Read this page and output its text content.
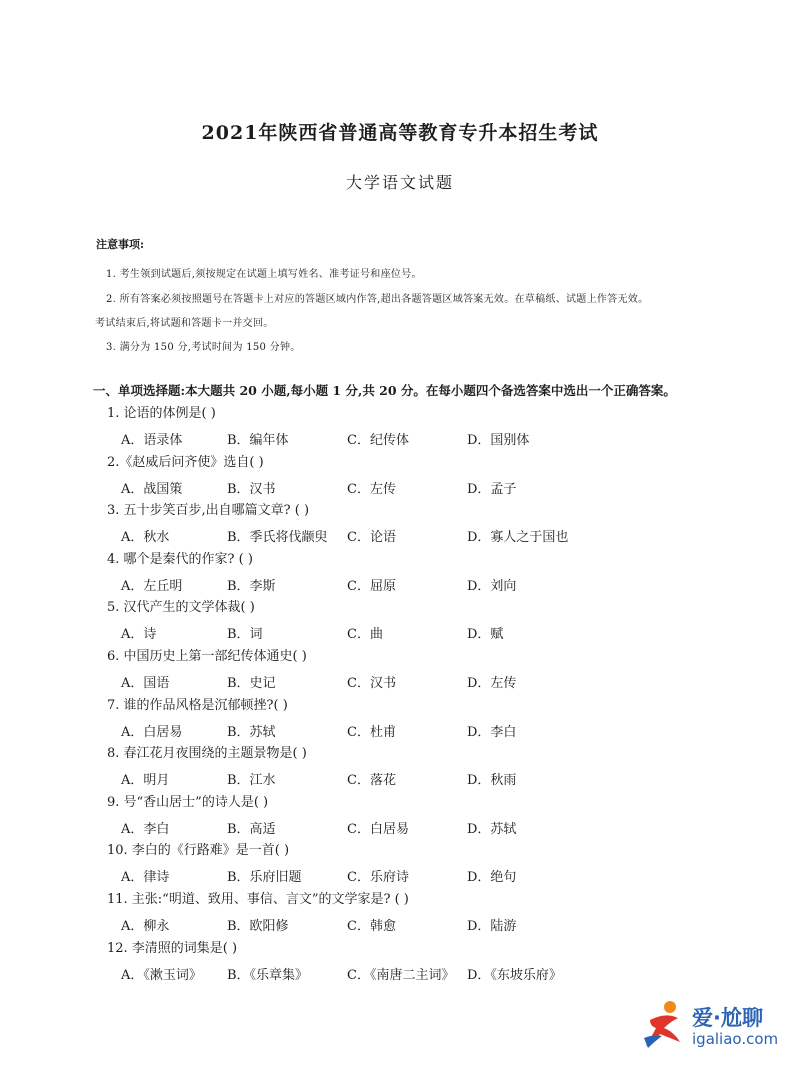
2021年陕西省普通高等教育专升本招生考试
大学语文试题
注意事项:
1. 考生领到试题后,须按规定在试题上填写姓名、准考证号和座位号。
2. 所有答案必须按照题号在答题卡上对应的答题区域内作答,超出各题答题区域答案无效。在草稿纸、试题上作答无效。
考试结束后,将试题和答题卡一并交回。
3. 满分为 150 分,考试时间为 150 分钟。
一、单项选择题:本大题共 20 小题,每小题 1 分,共 20 分。在每小题四个备选答案中选出一个正确答案。
1. 论语的体例是( )
A．语录体	B．编年体	C．纪传体	D．国别体
2.《赵威后问齐使》选自( )
A．战国策	B．汉书	C．左传	D．孟子
3. 五十步笑百步,出自哪篇文章? ( )
A．秋水	B．季氏将伐颛臾 C．论语	D．寡人之于国也
4. 哪个是秦代的作家? ( )
A．左丘明	B．李斯	C．屈原	D．刘向
5. 汉代产生的文学体裁( )
A．诗	B．词	C．曲	D．赋
6. 中国历史上第一部纪传体通史( )
A．国语	B．史记	C．汉书	D．左传
7. 谁的作品风格是沉郁顿挫?( )
A．白居易	B．苏轼	C．杜甫	D．李白
8. 春江花月夜围绕的主题景物是( )
A．明月	B．江水	C．落花	D．秋雨
9. 号“香山居士”的诗人是( )
A．李白	B．高适	C．白居易	D．苏轼
10. 李白的《行路难》是一首( )
A．律诗	B．乐府旧题	C．乐府诗	D．绝句
11. 主张:“明道、致用、事信、言文”的文学家是? ( )
A．柳永	B．欧阳修	C．韩愈	D．陆游
12. 李清照的词集是( )
A．《漱玉词》 B．《乐章集》	C．《南唐二主词》 D．《东坡乐府》
爱·尬聊
igaliao.com
